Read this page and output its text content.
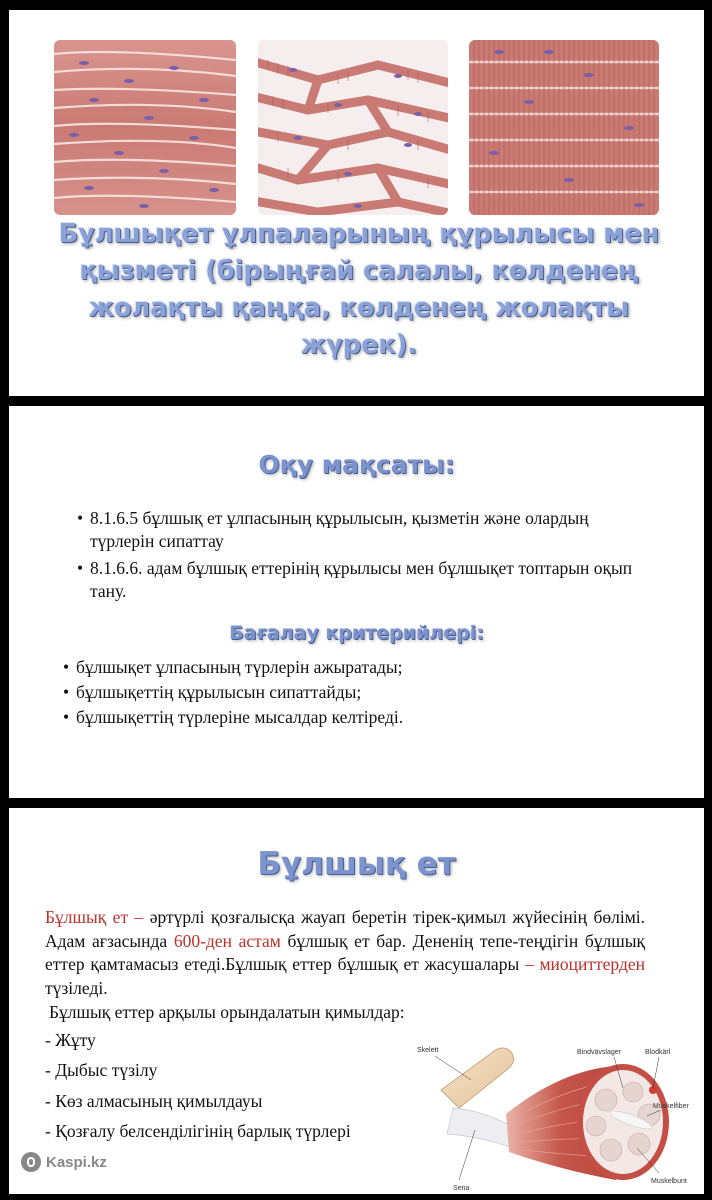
Бұлшықет ұлпаларының құрылысы мен қызметі (бірыңғай салалы, көлденең жолақты қаңқа, көлденең жолақты жүрек).
Оқу мақсаты:
• 8.1.6.5 бұлшық ет ұлпасының құрылысын, қызметін және олардың түрлерін сипаттау
• 8.1.6.6. адам бұлшық еттерінің құрылысы мен бұлшықет топтарын оқып тану.
Бағалау критерийлері:
• бұлшықет ұлпасының түрлерін ажыратады;
• бұлшықеттің құрылысын сипаттайды;
• бұлшықеттің түрлеріне мысалдар келтіреді.
Бұлшық ет
Бұлшық ет – әртүрлі қозғалысқа жауап беретін тірек-қимыл жүйесінің бөлімі. Адам ағзасында 600-ден астам бұлшық ет бар. Дененің тепе-теңдігін бұлшық еттер қамтамасыз етеді.Бұлшық еттер бұлшық ет жасушалары – миоциттерден түзіледі.
Бұлшық еттер арқылы орындалатын қимылдар:
- Жұту
- Дыбыс түзілу
- Көз алмасының қимылдауы
- Қозғалу белсенділігінің барлық түрлері
Skelett
Sena
Bindvävslager	Blodkärl
Muskelfiber
Muskelbunt
Kaspi.kz
